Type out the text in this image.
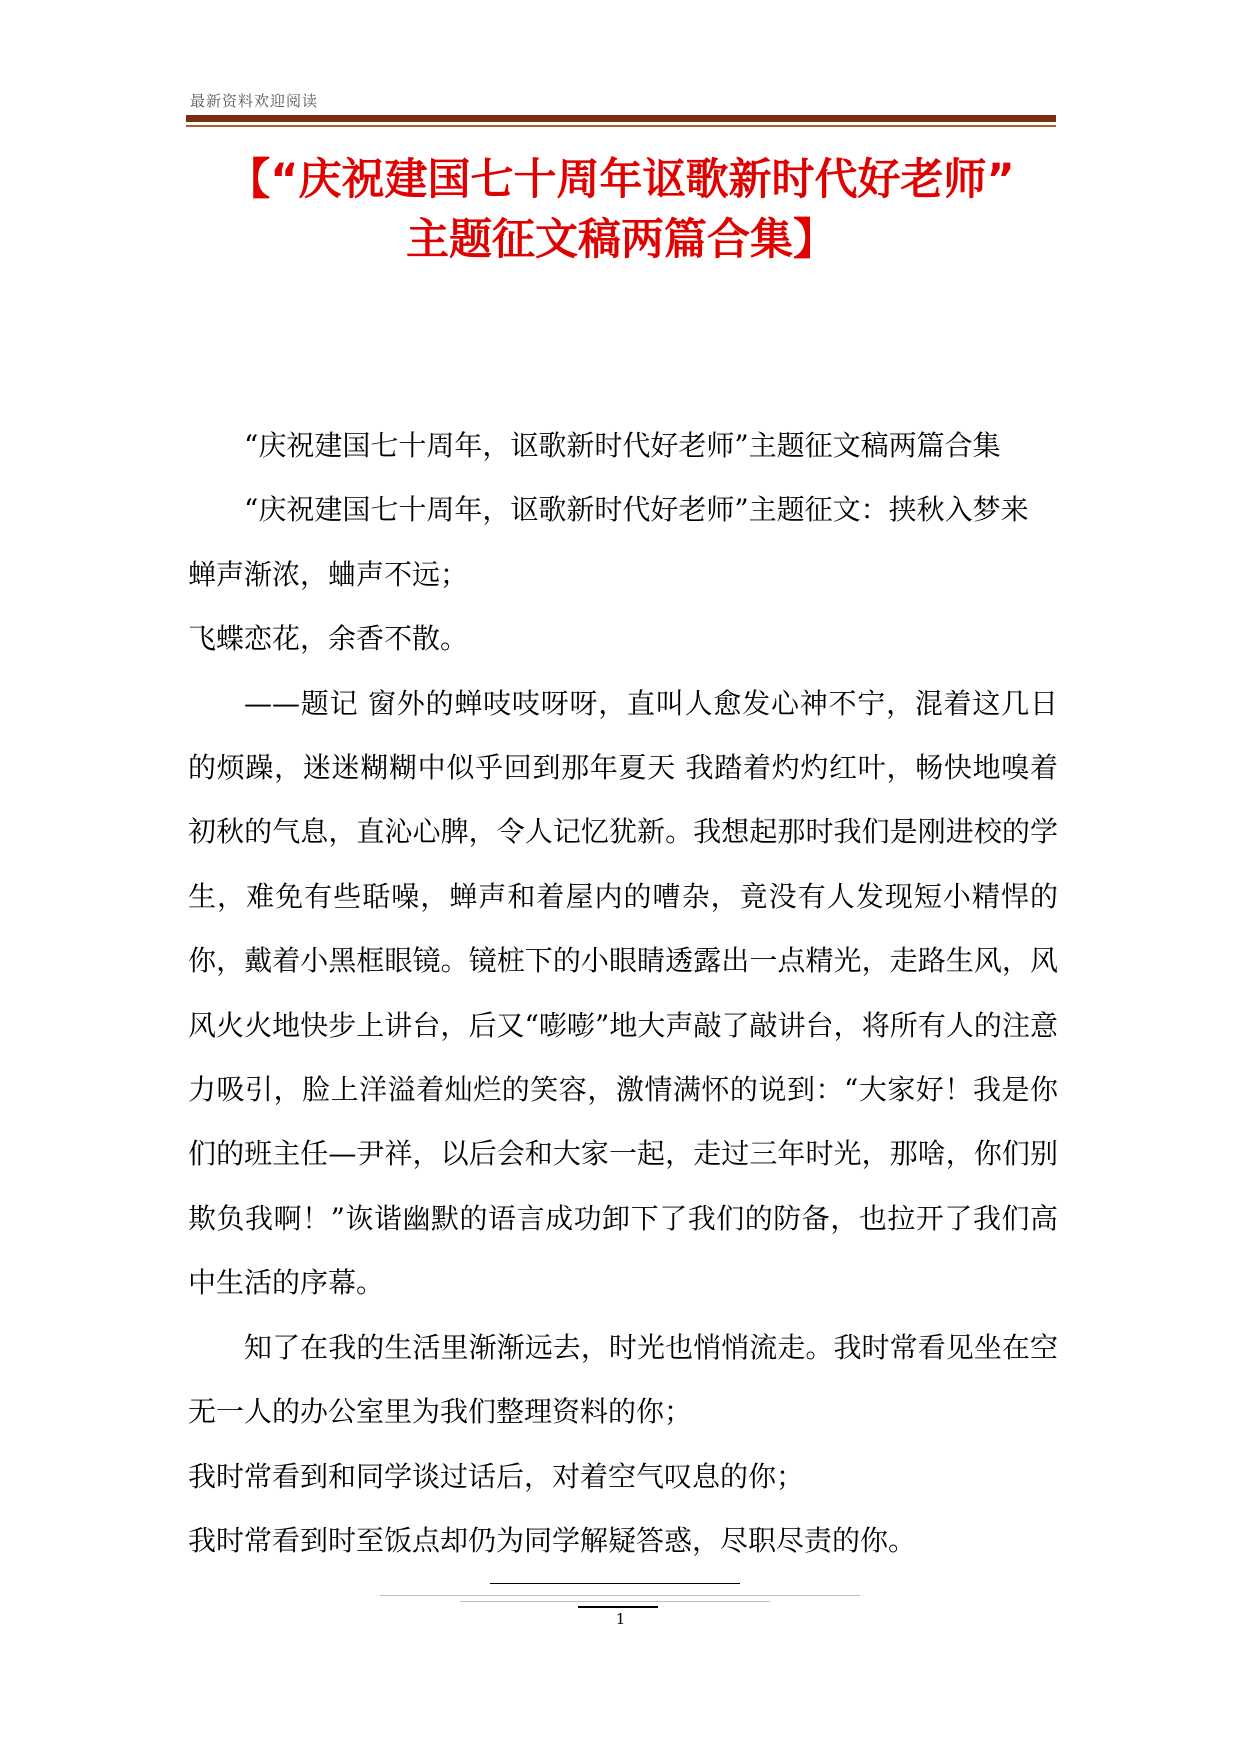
最新资料欢迎阅读
【“庆祝建国七十周年讴歌新时代好老师”
主题征文稿两篇合集】

“庆祝建国七十周年，讴歌新时代好老师”主题征文稿两篇合集

“庆祝建国七十周年，讴歌新时代好老师”主题征文：挟秋入梦来

蝉声渐浓，蛐声不远；

飞蝶恋花，余香不散。

——题记 窗外的蝉吱吱呀呀，直叫人愈发心神不宁，混着这几日的烦躁，迷迷糊糊中似乎回到那年夏天 我踏着灼灼红叶，畅快地嗅着初秋的气息，直沁心脾，令人记忆犹新。我想起那时我们是刚进校的学生，难免有些聒噪，蝉声和着屋内的嘈杂，竟没有人发现短小精悍的你，戴着小黑框眼镜。镜桩下的小眼睛透露出一点精光，走路生风，风风火火地快步上讲台，后又“嘭嘭”地大声敲了敲讲台，将所有人的注意力吸引，脸上洋溢着灿烂的笑容，激情满怀的说到：“大家好！我是你们的班主任—尹祥，以后会和大家一起，走过三年时光，那啥，你们别欺负我啊！”诙谐幽默的语言成功卸下了我们的防备，也拉开了我们高中生活的序幕。

知了在我的生活里渐渐远去，时光也悄悄流走。我时常看见坐在空无一人的办公室里为我们整理资料的你；

我时常看到和同学谈过话后，对着空气叹息的你；

我时常看到时至饭点却仍为同学解疑答惑，尽职尽责的你。

1
